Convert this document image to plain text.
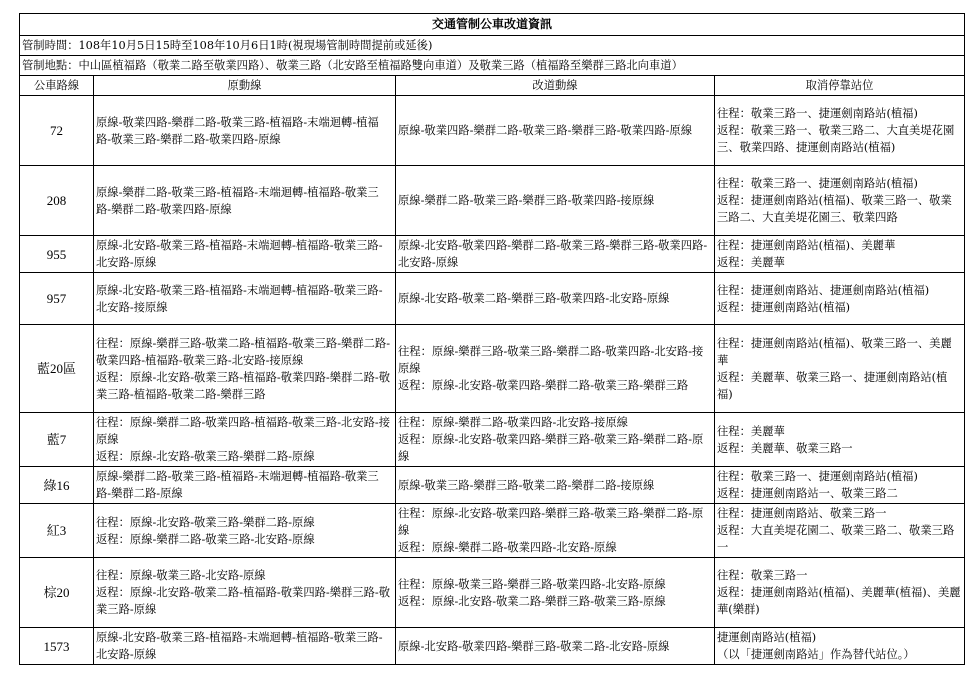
交通管制公車改道資訊			
管制時間：108年10月5日15時至108年10月6日1時(視現場管制時間提前或延後)			
管制地點：中山區植福路（敬業二路至敬業四路）、敬業三路（北安路至植福路雙向車道）及敬業三路（植福路至樂群三路北向車道）			
公車路線	原動線	改道動線	取消停靠站位
72	原線-敬業四路-樂群二路-敬業三路-植福路-末端迴轉-植福路-敬業三路-樂群二路-敬業四路-原線	原線-敬業四路-樂群二路-敬業三路-樂群三路-敬業四路-原線	往程：敬業三路一、捷運劍南路站(植福)
返程：敬業三路一、敬業三路二、大直美堤花園三、敬業四路、捷運劍南路站(植福)

208	原線-樂群二路-敬業三路-植福路-末端迴轉-植福路-敬業三路-樂群二路-敬業四路-原線	原線-樂群二路-敬業三路-樂群三路-敬業四路-接原線	往程：敬業三路一、捷運劍南路站(植福)
返程：捷運劍南路站(植福)、敬業三路一、敬業三路二、大直美堤花園三、敬業四路

955	原線-北安路-敬業三路-植福路-末端迴轉-植福路-敬業三路-北安路-原線	原線-北安路-敬業四路-樂群二路-敬業三路-樂群三路-敬業四路-北安路-原線	往程：捷運劍南路站(植福)、美麗華
返程：美麗華

957	原線-北安路-敬業三路-植福路-末端迴轉-植福路-敬業三路-北安路-接原線	原線-北安路-敬業二路-樂群三路-敬業四路-北安路-原線	往程：捷運劍南路站、捷運劍南路站(植福)
返程：捷運劍南路站(植福)

藍20區	往程：原線-樂群三路-敬業二路-植福路-敬業三路-樂群二路-敬業四路-植福路-敬業三路-北安路-接原線
返程：原線-北安路-敬業三路-植福路-敬業四路-樂群二路-敬業三路-植福路-敬業二路-樂群三路	往程：原線-樂群三路-敬業三路-樂群二路-敬業四路-北安路-接原線
返程：原線-北安路-敬業四路-樂群二路-敬業三路-樂群三路	往程：捷運劍南路站(植福)、敬業三路一、美麗華
返程：美麗華、敬業三路一、捷運劍南路站(植福)

藍7	往程：原線-樂群二路-敬業四路-植福路-敬業三路-北安路-接原線
返程：原線-北安路-敬業三路-樂群二路-原線	往程：原線-樂群二路-敬業四路-北安路-接原線
返程：原線-北安路-敬業四路-樂群三路-敬業三路-樂群二路-原線	往程：美麗華
返程：美麗華、敬業三路一

綠16	原線-樂群二路-敬業三路-植福路-末端迴轉-植福路-敬業三路-樂群二路-原線	原線-敬業三路-樂群三路-敬業二路-樂群二路-接原線	往程：敬業三路一、捷運劍南路站(植福)
返程：捷運劍南路站一、敬業三路二

紅3	往程：原線-北安路-敬業三路-樂群二路-原線
返程：原線-樂群二路-敬業三路-北安路-原線	往程：原線-北安路-敬業四路-樂群三路-敬業三路-樂群二路-原線
返程：原線-樂群二路-敬業四路-北安路-原線	往程：捷運劍南路站、敬業三路一
返程：大直美堤花園二、敬業三路二、敬業三路一

棕20	往程：原線-敬業三路-北安路-原線
返程：原線-北安路-敬業二路-植福路-敬業四路-樂群三路-敬業三路-原線	往程：原線-敬業三路-樂群三路-敬業四路-北安路-原線
返程：原線-北安路-敬業二路-樂群三路-敬業三路-原線	往程：敬業三路一
返程：捷運劍南路站(植福)、美麗華(植福)、美麗華(樂群)

1573	原線-北安路-敬業三路-植福路-末端迴轉-植福路-敬業三路-北安路-原線	原線-北安路-敬業四路-樂群三路-敬業二路-北安路-原線	捷運劍南路站(植福)
（以「捷運劍南路站」作為替代站位。）
